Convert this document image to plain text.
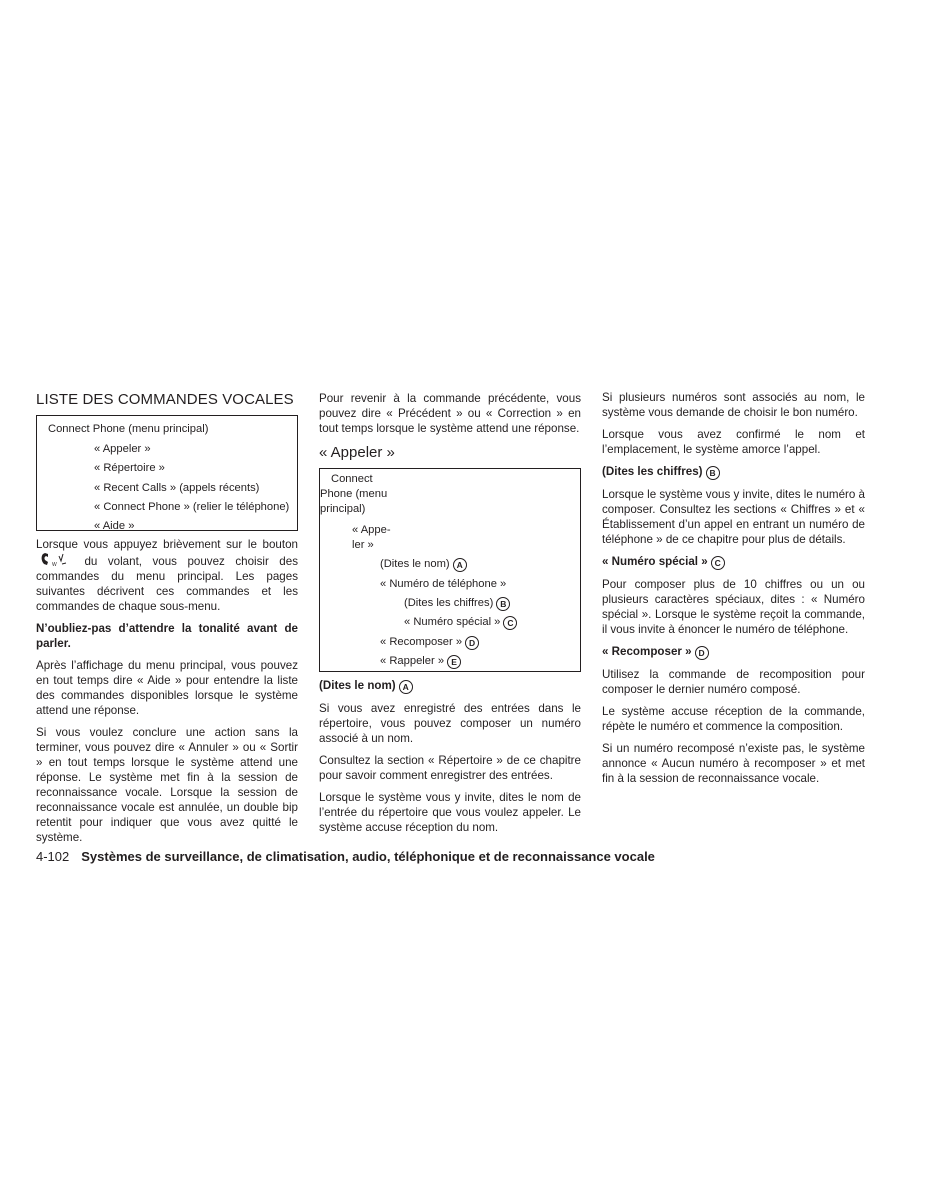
LISTE DES COMMANDES VOCALES
Connect Phone (menu principal)
« Appeler »
« Répertoire »
« Recent Calls » (appels récents)
« Connect Phone » (relier le téléphone)
« Aide »

Lorsque vous appuyez brièvement sur le bouton
W du volant, vous pouvez choisir des commandes du menu principal. Les pages suivantes décrivent ces commandes et les commandes de chaque sous-menu.

N’oubliez-pas d’attendre la tonalité avant de parler.

Après l’affichage du menu principal, vous pouvez en tout temps dire « Aide » pour entendre la liste des commandes disponibles lorsque le système attend une réponse.

Si vous voulez conclure une action sans la terminer, vous pouvez dire « Annuler » ou « Sortir » en tout temps lorsque le système attend une réponse. Le système met fin à la session de reconnaissance vocale. Lorsque la session de reconnaissance vocale est annulée, un double bip retentit pour indiquer que vous avez quitté le système.

Pour revenir à la commande précédente, vous pouvez dire « Précédent » ou « Correction » en tout temps lorsque le système attend une réponse.

« Appeler »
Connect
Phone (menu
principal)
« Appe-
ler »
(Dites le nom) A
« Numéro de téléphone »
(Dites les chiffres) B
« Numéro spécial » C
« Recomposer » D
« Rappeler » E

(Dites le nom) A

Si vous avez enregistré des entrées dans le répertoire, vous pouvez composer un numéro associé à un nom.

Consultez la section « Répertoire » de ce chapitre pour savoir comment enregistrer des entrées.

Lorsque le système vous y invite, dites le nom de l’entrée du répertoire que vous voulez appeler. Le système accuse réception du nom.

Si plusieurs numéros sont associés au nom, le système vous demande de choisir le bon numéro.

Lorsque vous avez confirmé le nom et l’emplacement, le système amorce l’appel.

(Dites les chiffres) B

Lorsque le système vous y invite, dites le numéro à composer. Consultez les sections « Chiffres » et « Établissement d’un appel en entrant un numéro de téléphone » de ce chapitre pour plus de détails.

« Numéro spécial » C

Pour composer plus de 10 chiffres ou un ou plusieurs caractères spéciaux, dites : « Numéro spécial ». Lorsque le système reçoit la commande, il vous invite à énoncer le numéro de téléphone.

« Recomposer » D

Utilisez la commande de recomposition pour composer le dernier numéro composé.

Le système accuse réception de la commande, répète le numéro et commence la composition.

Si un numéro recomposé n’existe pas, le système annonce « Aucun numéro à recomposer » et met fin à la session de reconnaissance vocale.

4-102 Systèmes de surveillance, de climatisation, audio, téléphonique et de reconnaissance vocale
